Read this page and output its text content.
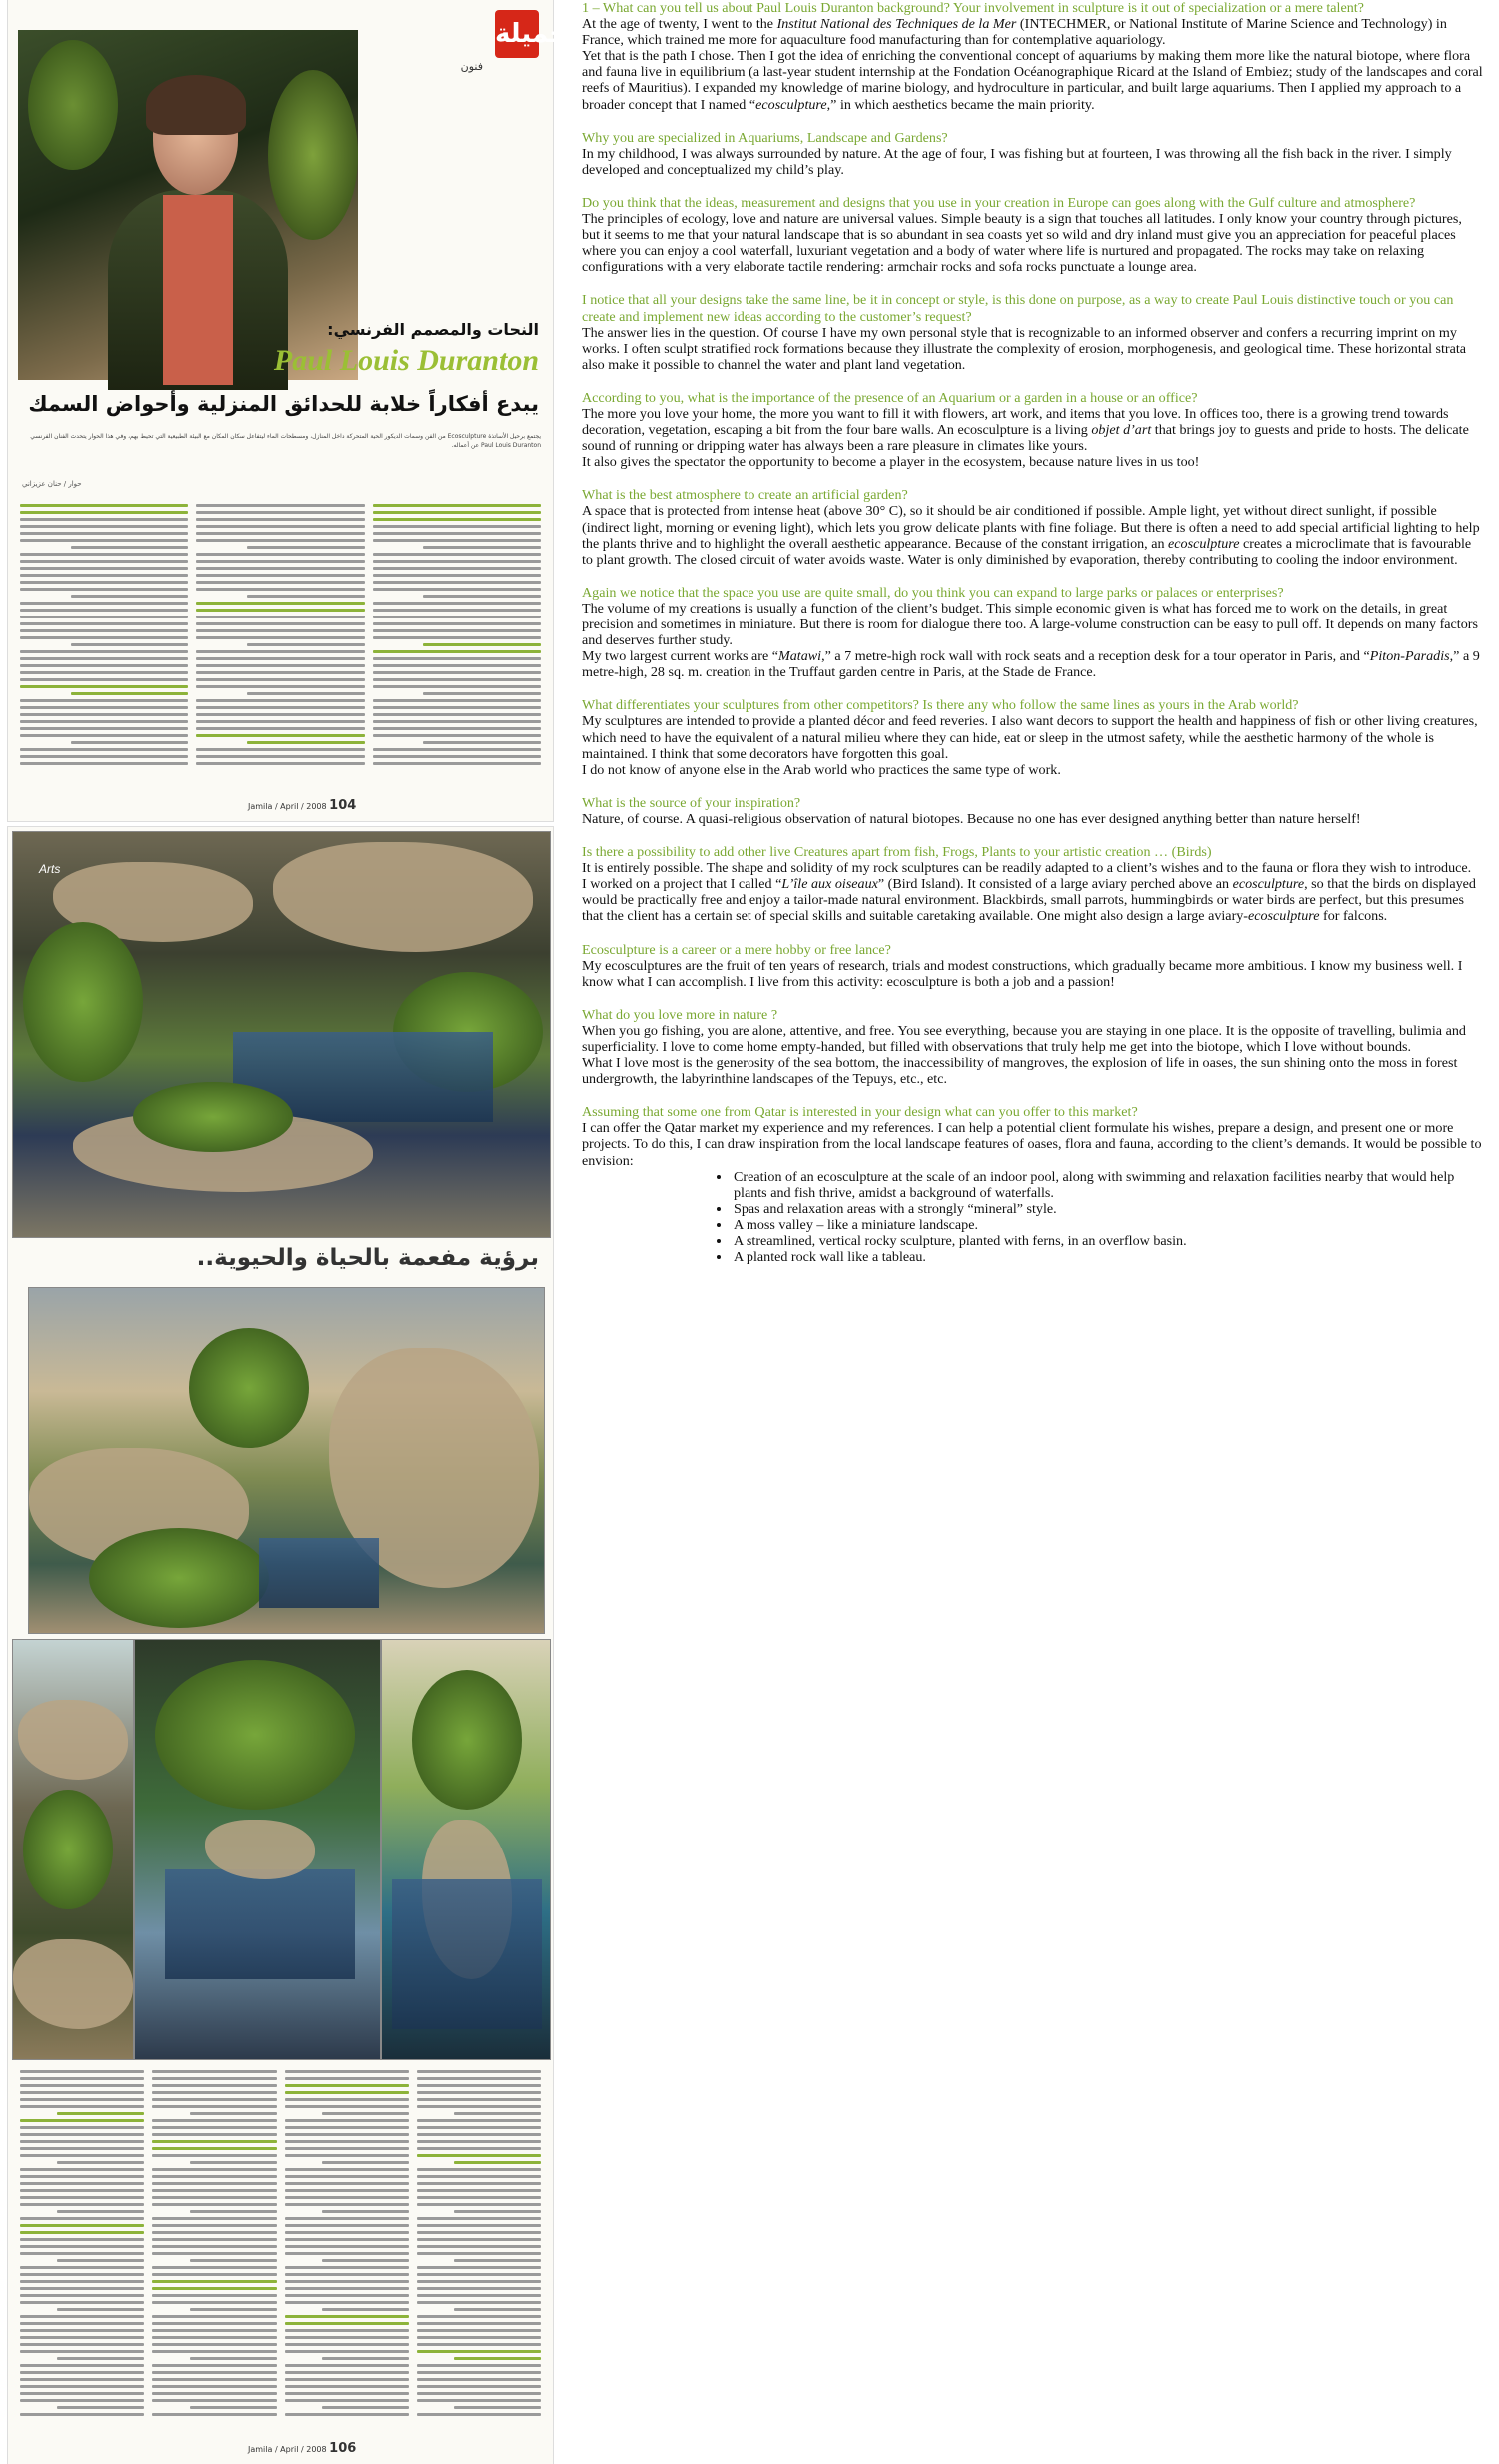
جميلة
فنون
النحات والمصمم الفرنسي:
Paul Louis Duranton
يبدع أفكاراً خلابة للحدائق المنزلية وأحواض السمك
يجتمع برحيل الأساتذة Ecosculpture من الفن وسمات الديكور الحية المتحركة داخل المنازل، ومسطحات الماء ليتفاعل سكان المكان مع البيئة الطبيعية التي تحيط بهم، وفي هذا الحوار يتحدث الفنان الفرنسي Paul Louis Duranton عن أعماله.
حوار / حنان عزيزاني
Jamila / April / 2008 104
Arts
برؤية مفعمة بالحياة والحيوية..
Jamila / April / 2008 106

1 – What can you tell us about Paul Louis Duranton background? Your involvement in sculpture is it out of specialization or a mere talent?

At the age of twenty, I went to the Institut National des Techniques de la Mer (INTECHMER, or National Institute of Marine Science and Technology) in France, which trained me more for aquaculture food manufacturing than for contemplative aquariology.

Yet that is the path I chose. Then I got the idea of enriching the conventional concept of aquariums by making them more like the natural biotope, where flora and fauna live in equilibrium (a last-year student internship at the Fondation Océanographique Ricard at the Island of Embiez; study of the landscapes and coral reefs of Mauritius). I expanded my knowledge of marine biology, and hydroculture in particular, and built large aquariums. Then I applied my approach to a broader concept that I named “ecosculpture,” in which aesthetics became the main priority.

Why you are specialized in Aquariums, Landscape and Gardens?

In my childhood, I was always surrounded by nature. At the age of four, I was fishing but at fourteen, I was throwing all the fish back in the river. I simply developed and conceptualized my child’s play.

Do you think that the ideas, measurement and designs that you use in your creation in Europe can goes along with the Gulf culture and atmosphere?

The principles of ecology, love and nature are universal values. Simple beauty is a sign that touches all latitudes. I only know your country through pictures, but it seems to me that your natural landscape that is so abundant in sea coasts yet so wild and dry inland must give you an appreciation for peaceful places where you can enjoy a cool waterfall, luxuriant vegetation and a body of water where life is nurtured and propagated. The rocks may take on relaxing configurations with a very elaborate tactile rendering: armchair rocks and sofa rocks punctuate a lounge area.

I notice that all your designs take the same line, be it in concept or style, is this done on purpose, as a way to create Paul Louis distinctive touch or you can create and implement new ideas according to the customer’s request?

The answer lies in the question. Of course I have my own personal style that is recognizable to an informed observer and confers a recurring imprint on my works. I often sculpt stratified rock formations because they illustrate the complexity of erosion, morphogenesis, and geological time. These horizontal strata also make it possible to channel the water and plant land vegetation.

According to you, what is the importance of the presence of an Aquarium or a garden in a house or an office?

The more you love your home, the more you want to fill it with flowers, art work, and items that you love. In offices too, there is a growing trend towards decoration, vegetation, escaping a bit from the four bare walls. An ecosculpture is a living objet d’art that brings joy to guests and pride to hosts. The delicate sound of running or dripping water has always been a rare pleasure in climates like yours.

It also gives the spectator the opportunity to become a player in the ecosystem, because nature lives in us too!

What is the best atmosphere to create an artificial garden?

A space that is protected from intense heat (above 30° C), so it should be air conditioned if possible. Ample light, yet without direct sunlight, if possible (indirect light, morning or evening light), which lets you grow delicate plants with fine foliage. But there is often a need to add special artificial lighting to help the plants thrive and to highlight the overall aesthetic appearance. Because of the constant irrigation, an ecosculpture creates a microclimate that is favourable to plant growth. The closed circuit of water avoids waste. Water is only diminished by evaporation, thereby contributing to cooling the indoor environment.

Again we notice that the space you use are quite small, do you think you can expand to large parks or palaces or enterprises?

The volume of my creations is usually a function of the client’s budget. This simple economic given is what has forced me to work on the details, in great precision and sometimes in miniature. But there is room for dialogue there too. A large-volume construction can be easy to pull off. It depends on many factors and deserves further study.

My two largest current works are “Matawi,” a 7 metre-high rock wall with rock seats and a reception desk for a tour operator in Paris, and “Piton-Paradis,” a 9 metre-high, 28 sq. m. creation in the Truffaut garden centre in Paris, at the Stade de France.

What differentiates your sculptures from other competitors? Is there any who follow the same lines as yours in the Arab world?

My sculptures are intended to provide a planted décor and feed reveries. I also want decors to support the health and happiness of fish or other living creatures, which need to have the equivalent of a natural milieu where they can hide, eat or sleep in the utmost safety, while the aesthetic harmony of the whole is maintained. I think that some decorators have forgotten this goal.

I do not know of anyone else in the Arab world who practices the same type of work.

What is the source of your inspiration?

Nature, of course. A quasi-religious observation of natural biotopes. Because no one has ever designed anything better than nature herself!

Is there a possibility to add other live Creatures apart from fish, Frogs, Plants to your artistic creation … (Birds)

It is entirely possible. The shape and solidity of my rock sculptures can be readily adapted to a client’s wishes and to the fauna or flora they wish to introduce.

I worked on a project that I called “L’île aux oiseaux” (Bird Island). It consisted of a large aviary perched above an ecosculpture, so that the birds on displayed would be practically free and enjoy a tailor-made natural environment. Blackbirds, small parrots, hummingbirds or water birds are perfect, but this presumes that the client has a certain set of special skills and suitable caretaking available. One might also design a large aviary-ecosculpture for falcons.

Ecosculpture is a career or a mere hobby or free lance?

My ecosculptures are the fruit of ten years of research, trials and modest constructions, which gradually became more ambitious. I know my business well. I know what I can accomplish. I live from this activity: ecosculpture is both a job and a passion!

What do you love more in nature ?

When you go fishing, you are alone, attentive, and free. You see everything, because you are staying in one place. It is the opposite of travelling, bulimia and superficiality. I love to come home empty-handed, but filled with observations that truly help me get into the biotope, which I love without bounds.

What I love most is the generosity of the sea bottom, the inaccessibility of mangroves, the explosion of life in oases, the sun shining onto the moss in forest undergrowth, the labyrinthine landscapes of the Tepuys, etc., etc.

Assuming that some one from Qatar is interested in your design what can you offer to this market?

I can offer the Qatar market my experience and my references. I can help a potential client formulate his wishes, prepare a design, and present one or more projects. To do this, I can draw inspiration from the local landscape features of oases, flora and fauna, according to the client’s demands. It would be possible to envision:

• Creation of an ecosculpture at the scale of an indoor pool, along with swimming and relaxation facilities nearby that would help plants and fish thrive, amidst a background of waterfalls.
• Spas and relaxation areas with a strongly “mineral” style.
• A moss valley – like a miniature landscape.
• A streamlined, vertical rocky sculpture, planted with ferns, in an overflow basin.
• A planted rock wall like a tableau.
